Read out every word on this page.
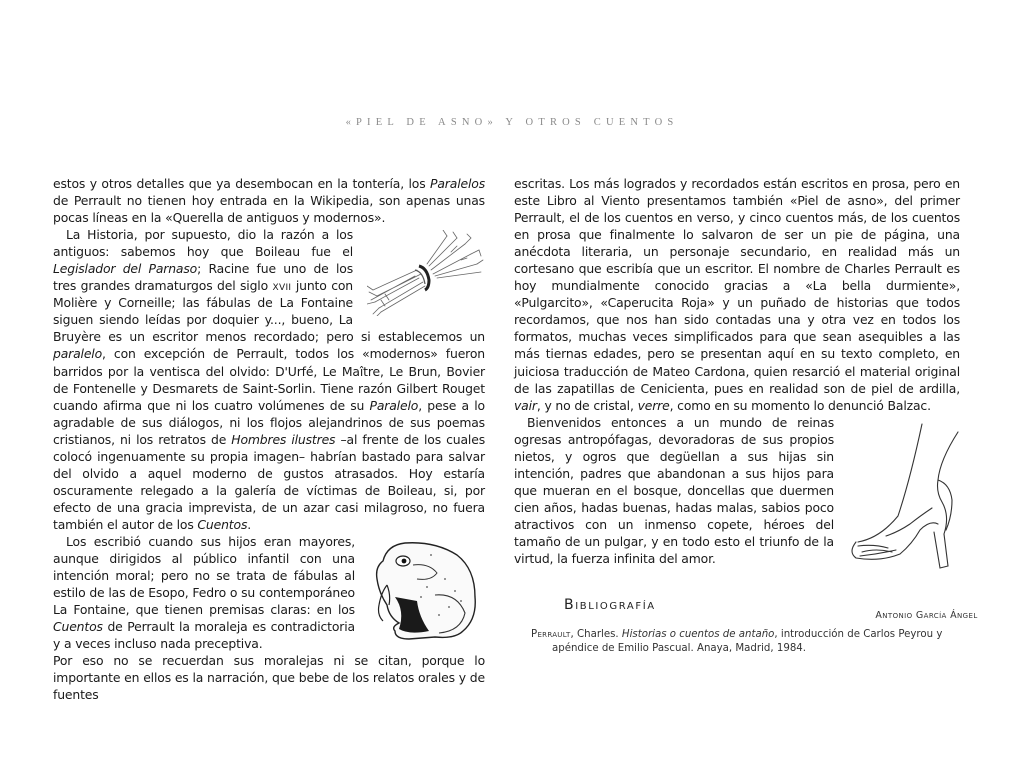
«PIEL DE ASNO» Y OTROS CUENTOS

estos y otros detalles que ya desembocan en la tontería, los Paralelos de Perrault no tienen hoy entrada en la Wikipedia, son apenas unas pocas líneas en la «Querella de antiguos y modernos».

La Historia, por supuesto, dio la razón a los antiguos: sabemos hoy que Boileau fue el Legislador del Parnaso; Racine fue uno de los tres grandes dramaturgos del siglo xvii junto con Molière y Corneille; las fábulas de La Fontaine siguen siendo leídas por doquier y..., bueno, La Bruyère es un escritor menos recordado; pero si establecemos un paralelo, con excepción de Perrault, todos los «modernos» fueron barridos por la ventisca del olvido: D'Urfé, Le Maître, Le Brun, Bovier de Fontenelle y Desmarets de Saint-Sorlin. Tiene razón Gilbert Rouget cuando afirma que ni los cuatro volúmenes de su Paralelo, pese a lo agradable de sus diálogos, ni los flojos alejandrinos de sus poemas cristianos, ni los retratos de Hombres ilustres –al frente de los cuales colocó ingenuamente su propia imagen– habrían bastado para salvar del olvido a aquel moderno de gustos atrasados. Hoy estaría oscuramente relegado a la galería de víctimas de Boileau, si, por efecto de una gracia imprevista, de un azar casi milagroso, no fuera también el autor de los Cuentos.

Los escribió cuando sus hijos eran mayores, aunque dirigidos al público infantil con una intención moral; pero no se trata de fábulas al estilo de las de Esopo, Fedro o su contemporáneo La Fontaine, que tienen premisas claras: en los Cuentos de Perrault la moraleja es contradictoria y a veces incluso nada preceptiva.

Por eso no se recuerdan sus moralejas ni se citan, porque lo importante en ellos es la narración, que bebe de los relatos orales y de fuentes

escritas. Los más logrados y recordados están escritos en prosa, pero en este Libro al Viento presentamos también «Piel de asno», del primer Perrault, el de los cuentos en verso, y cinco cuentos más, de los cuentos en prosa que finalmente lo salvaron de ser un pie de página, una anécdota literaria, un personaje secundario, en realidad más un cortesano que escribía que un escritor. El nombre de Charles Perrault es hoy mundialmente conocido gracias a «La bella durmiente», «Pulgarcito», «Caperucita Roja» y un puñado de historias que todos recordamos, que nos han sido contadas una y otra vez en todos los formatos, muchas veces simplificados para que sean asequibles a las más tiernas edades, pero se presentan aquí en su texto completo, en juiciosa traducción de Mateo Cardona, quien resarció el material original de las zapatillas de Cenicienta, pues en realidad son de piel de ardilla, vair, y no de cristal, verre, como en su momento lo denunció Balzac.

Antonio García Ángel
Bienvenidos entonces a un mundo de reinas ogresas antropófagas, devoradoras de sus propios nietos, y ogros que degüellan a sus hijas sin intención, padres que abandonan a sus hijos para que mueran en el bosque, doncellas que duermen cien años, hadas buenas, hadas malas, sabios poco atractivos con un inmenso copete, héroes del tamaño de un pulgar, y en todo esto el triunfo de la virtud, la fuerza infinita del amor.

Bibliografía
Perrault, Charles. Historias o cuentos de antaño, introducción de Carlos Peyrou y apéndice de Emilio Pascual. Anaya, Madrid, 1984.
